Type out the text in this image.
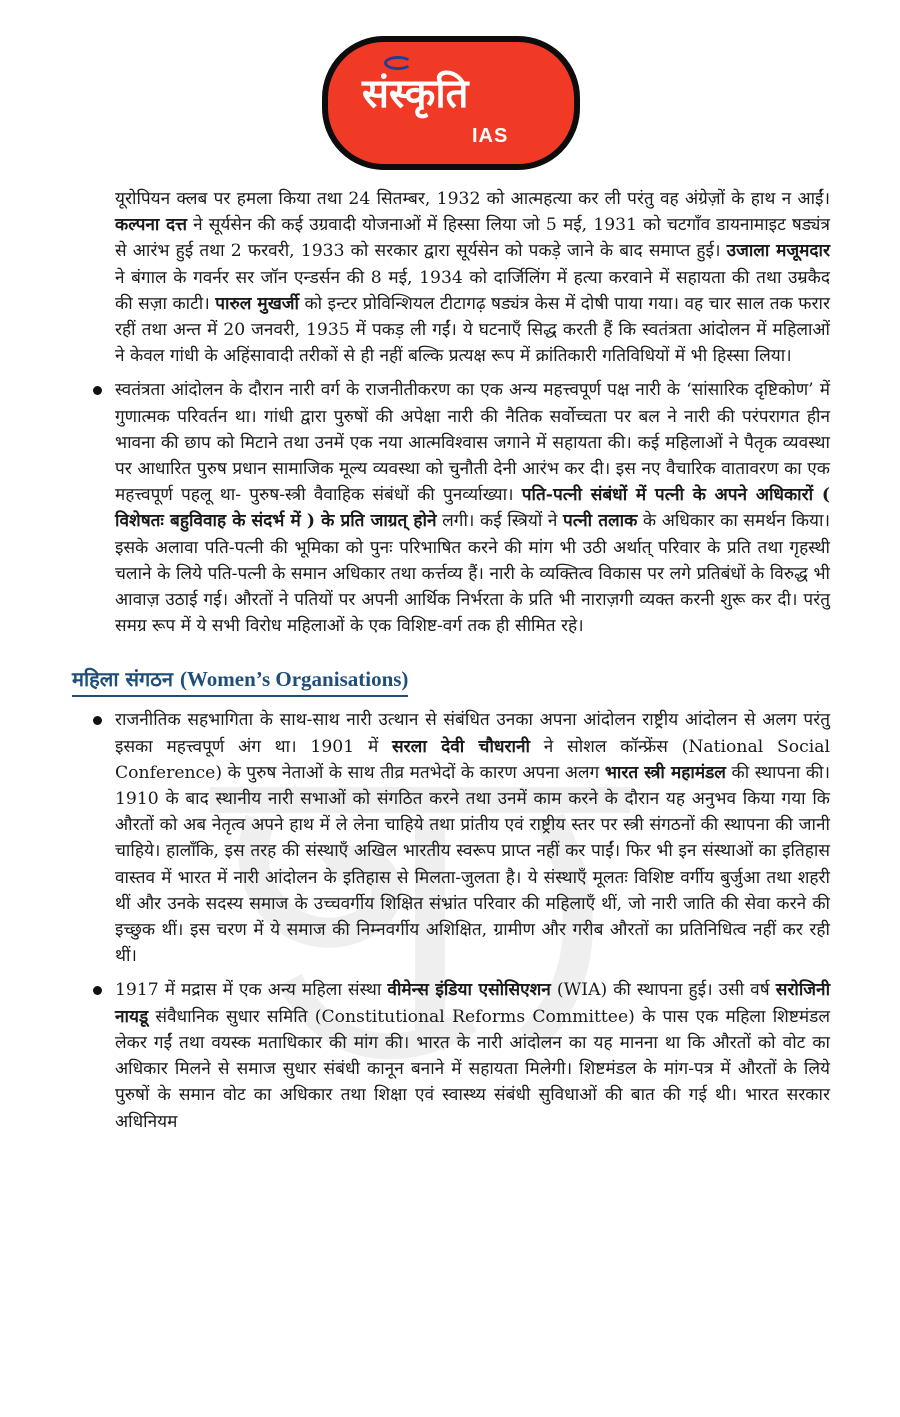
संस्कृति
IAS

यूरोपियन क्लब पर हमला किया तथा 24 सितम्बर, 1932 को आत्महत्या कर ली परंतु वह अंग्रेज़ों के हाथ न आईं। कल्पना दत्त ने सूर्यसेन की कई उग्रवादी योजनाओं में हिस्सा लिया जो 5 मई, 1931 को चटगाँव डायनामाइट षड्यंत्र से आरंभ हुई तथा 2 फरवरी, 1933 को सरकार द्वारा सूर्यसेन को पकड़े जाने के बाद समाप्त हुई। उजाला मजूमदार ने बंगाल के गवर्नर सर जॉन एन्डर्सन की 8 मई, 1934 को दार्जिलिंग में हत्या करवाने में सहायता की तथा उम्रकैद की सज़ा काटी। पारुल मुखर्जी को इन्टर प्रोविन्शियल टीटागढ़ षड्यंत्र केस में दोषी पाया गया। वह चार साल तक फरार रहीं तथा अन्त में 20 जनवरी, 1935 में पकड़ ली गईं। ये घटनाएँ सिद्ध करती हैं कि स्वतंत्रता आंदोलन में महिलाओं ने केवल गांधी के अहिंसावादी तरीकों से ही नहीं बल्कि प्रत्यक्ष रूप में क्रांतिकारी गतिविधियों में भी हिस्सा लिया।

स्वतंत्रता आंदोलन के दौरान नारी वर्ग के राजनीतीकरण का एक अन्य महत्त्वपूर्ण पक्ष नारी के ‘सांसारिक दृष्टिकोण’ में गुणात्मक परिवर्तन था। गांधी द्वारा पुरुषों की अपेक्षा नारी की नैतिक सर्वोच्चता पर बल ने नारी की परंपरागत हीन भावना की छाप को मिटाने तथा उनमें एक नया आत्मविश्वास जगाने में सहायता की। कई महिलाओं ने पैतृक व्यवस्था पर आधारित पुरुष प्रधान सामाजिक मूल्य व्यवस्था को चुनौती देनी आरंभ कर दी। इस नए वैचारिक वातावरण का एक महत्त्वपूर्ण पहलू था- पुरुष-स्त्री वैवाहिक संबंधों की पुनर्व्याख्या। पति-पत्नी संबंधों में पत्नी के अपने अधिकारों ( विशेषतः बहुविवाह के संदर्भ में ) के प्रति जाग्रत् होने लगी। कई स्त्रियों ने पत्नी तलाक के अधिकार का समर्थन किया। इसके अलावा पति-पत्नी की भूमिका को पुनः परिभाषित करने की मांग भी उठी अर्थात् परिवार के प्रति तथा गृहस्थी चलाने के लिये पति-पत्नी के समान अधिकार तथा कर्त्तव्य हैं। नारी के व्यक्तित्व विकास पर लगे प्रतिबंधों के विरुद्ध भी आवाज़ उठाई गई। औरतों ने पतियों पर अपनी आर्थिक निर्भरता के प्रति भी नाराज़गी व्यक्त करनी शुरू कर दी। परंतु समग्र रूप में ये सभी विरोध महिलाओं के एक विशिष्ट-वर्ग तक ही सीमित रहे।

महिला संगठन (Women’s Organisations)

राजनीतिक सहभागिता के साथ-साथ नारी उत्थान से संबंधित उनका अपना आंदोलन राष्ट्रीय आंदोलन से अलग परंतु इसका महत्त्वपूर्ण अंग था। 1901 में सरला देवी चौधरानी ने सोशल कॉन्फ्रेंस (National Social Conference) के पुरुष नेताओं के साथ तीव्र मतभेदों के कारण अपना अलग भारत स्त्री महामंडल की स्थापना की। 1910 के बाद स्थानीय नारी सभाओं को संगठित करने तथा उनमें काम करने के दौरान यह अनुभव किया गया कि औरतों को अब नेतृत्व अपने हाथ में ले लेना चाहिये तथा प्रांतीय एवं राष्ट्रीय स्तर पर स्त्री संगठनों की स्थापना की जानी चाहिये। हालाँकि, इस तरह की संस्थाएँ अखिल भारतीय स्वरूप प्राप्त नहीं कर पाईं। फिर भी इन संस्थाओं का इतिहास वास्तव में भारत में नारी आंदोलन के इतिहास से मिलता-जुलता है। ये संस्थाएँ मूलतः विशिष्ट वर्गीय बुर्जुआ तथा शहरी थीं और उनके सदस्य समाज के उच्चवर्गीय शिक्षित संभ्रांत परिवार की महिलाएँ थीं, जो नारी जाति की सेवा करने की इच्छुक थीं। इस चरण में ये समाज की निम्नवर्गीय अशिक्षित, ग्रामीण और गरीब औरतों का प्रतिनिधित्व नहीं कर रही थीं।

1917 में मद्रास में एक अन्य महिला संस्था वीमेन्स इंडिया एसोसिएशन (WIA) की स्थापना हुई। उसी वर्ष सरोजिनी नायडू संवैधानिक सुधार समिति (Constitutional Reforms Committee) के पास एक महिला शिष्टमंडल लेकर गईं तथा वयस्क मताधिकार की मांग की। भारत के नारी आंदोलन का यह मानना था कि औरतों को वोट का अधिकार मिलने से समाज सुधार संबंधी कानून बनाने में सहायता मिलेगी। शिष्टमंडल के मांग-पत्र में औरतों के लिये पुरुषों के समान वोट का अधिकार तथा शिक्षा एवं स्वास्थ्य संबंधी सुविधाओं की बात की गई थी। भारत सरकार अधिनियम
